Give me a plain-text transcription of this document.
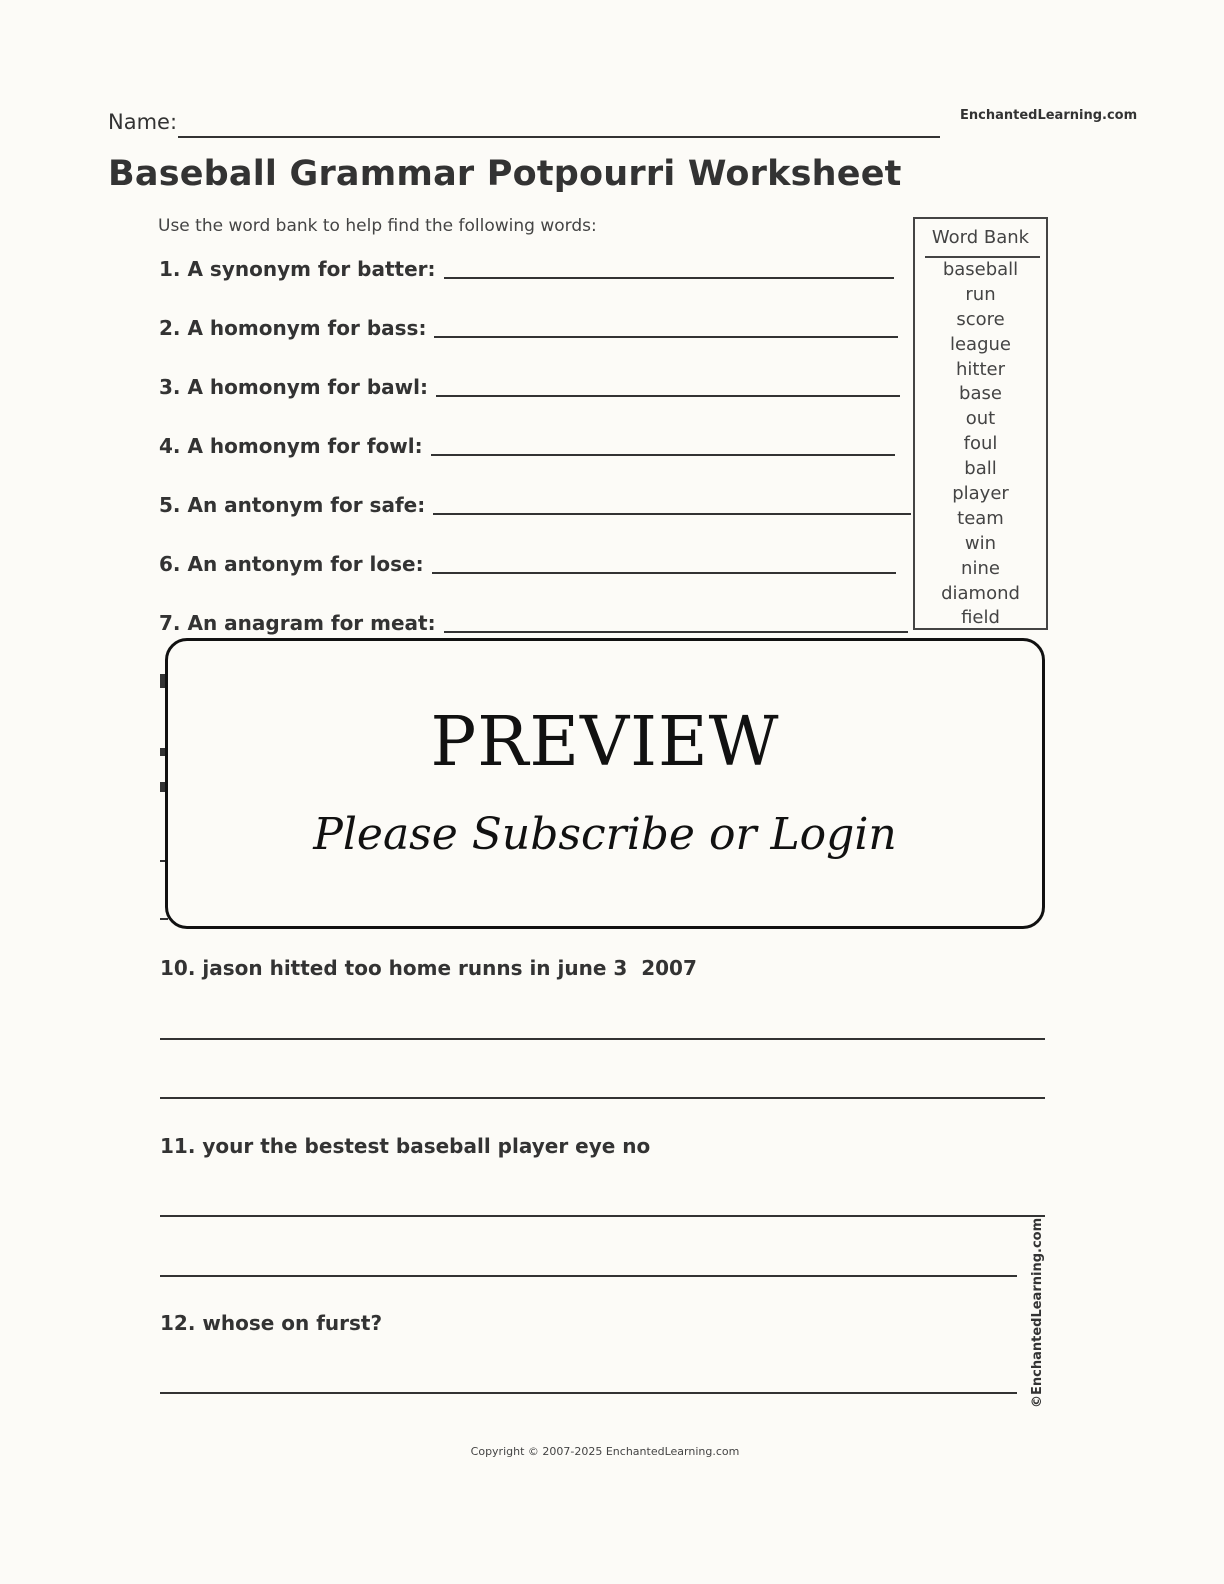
Name:	EnchantedLearning.com
Baseball Grammar Potpourri Worksheet
Use the word bank to help find the following words:
1. A synonym for batter:
2. A homonym for bass:
3. A homonym for bawl:
4. A homonym for fowl:
5. An antonym for safe:
6. An antonym for lose:
7. An anagram for meat:
Word Bank
baseball
run
score
league
hitter
base
out
foul
ball
player
team
win
nine
diamond
field
PREVIEW
Please Subscribe or Login
10. jason hitted too home runns in june 3  2007
11. your the bestest baseball player eye no
12. whose on furst?	©EnchantedLearning.com
Copyright © 2007-2025 EnchantedLearning.com
